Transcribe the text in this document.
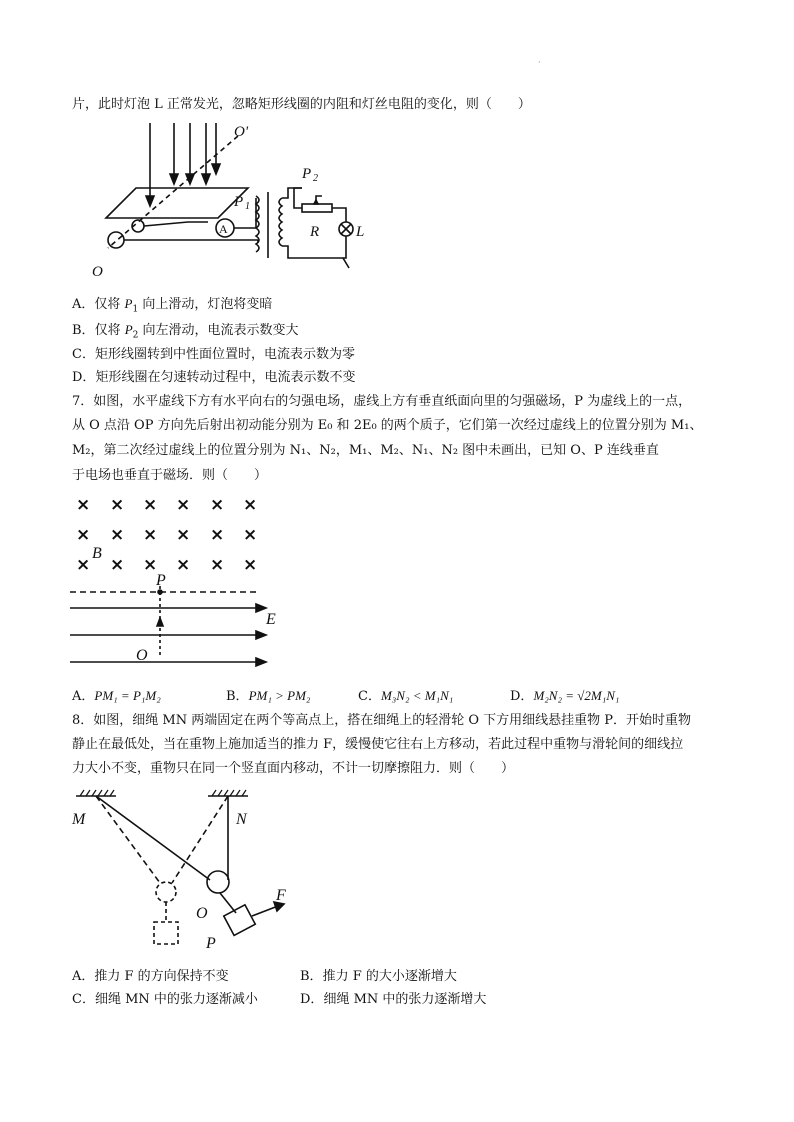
·
片，此时灯泡 L 正常发光，忽略矩形线圈的内阻和灯丝电阻的变化，则（　　）
O'
O
P 1
P 2
R L
A
A．仅将 $P_1$ 向上滑动，灯泡将变暗
B．仅将 $P_2$ 向左滑动，电流表示数变大
C．矩形线圈转到中性面位置时，电流表示数为零
D．矩形线圈在匀速转动过程中，电流表示数不变
7．如图，水平虚线下方有水平向右的匀强电场，虚线上方有垂直纸面向里的匀强磁场，P 为虚线上的一点，
从 O 点沿 OP 方向先后射出初动能分别为 E₀ 和 2E₀ 的两个质子，它们第一次经过虚线上的位置分别为 M₁、
M₂，第二次经过虚线上的位置分别为 N₁、N₂，M₁、M₂、N₁、N₂ 图中未画出，已知 O、P 连线垂直
于电场也垂直于磁场．则（　　）
× × × × × ×
× × × × × ×
× × × × × ×
B
P
E
O
A．PM₁ = P₁M₂	B．PM₁ > PM₂	C．M₃N₂ < M₁N₁	D．M₂N₂ = √2M₁N₁
8．如图，细绳 MN 两端固定在两个等高点上，搭在细绳上的轻滑轮 O 下方用细线悬挂重物 P．开始时重物
静止在最低处，当在重物上施加适当的推力 F，缓慢使它往右上方移动，若此过程中重物与滑轮间的细线拉
力大小不变，重物只在同一个竖直面内移动，不计一切摩擦阻力．则（　　）
M	N
O
P
F
A．推力 F 的方向保持不变	B．推力 F 的大小逐渐增大
C．细绳 MN 中的张力逐渐减小	D．细绳 MN 中的张力逐渐增大
